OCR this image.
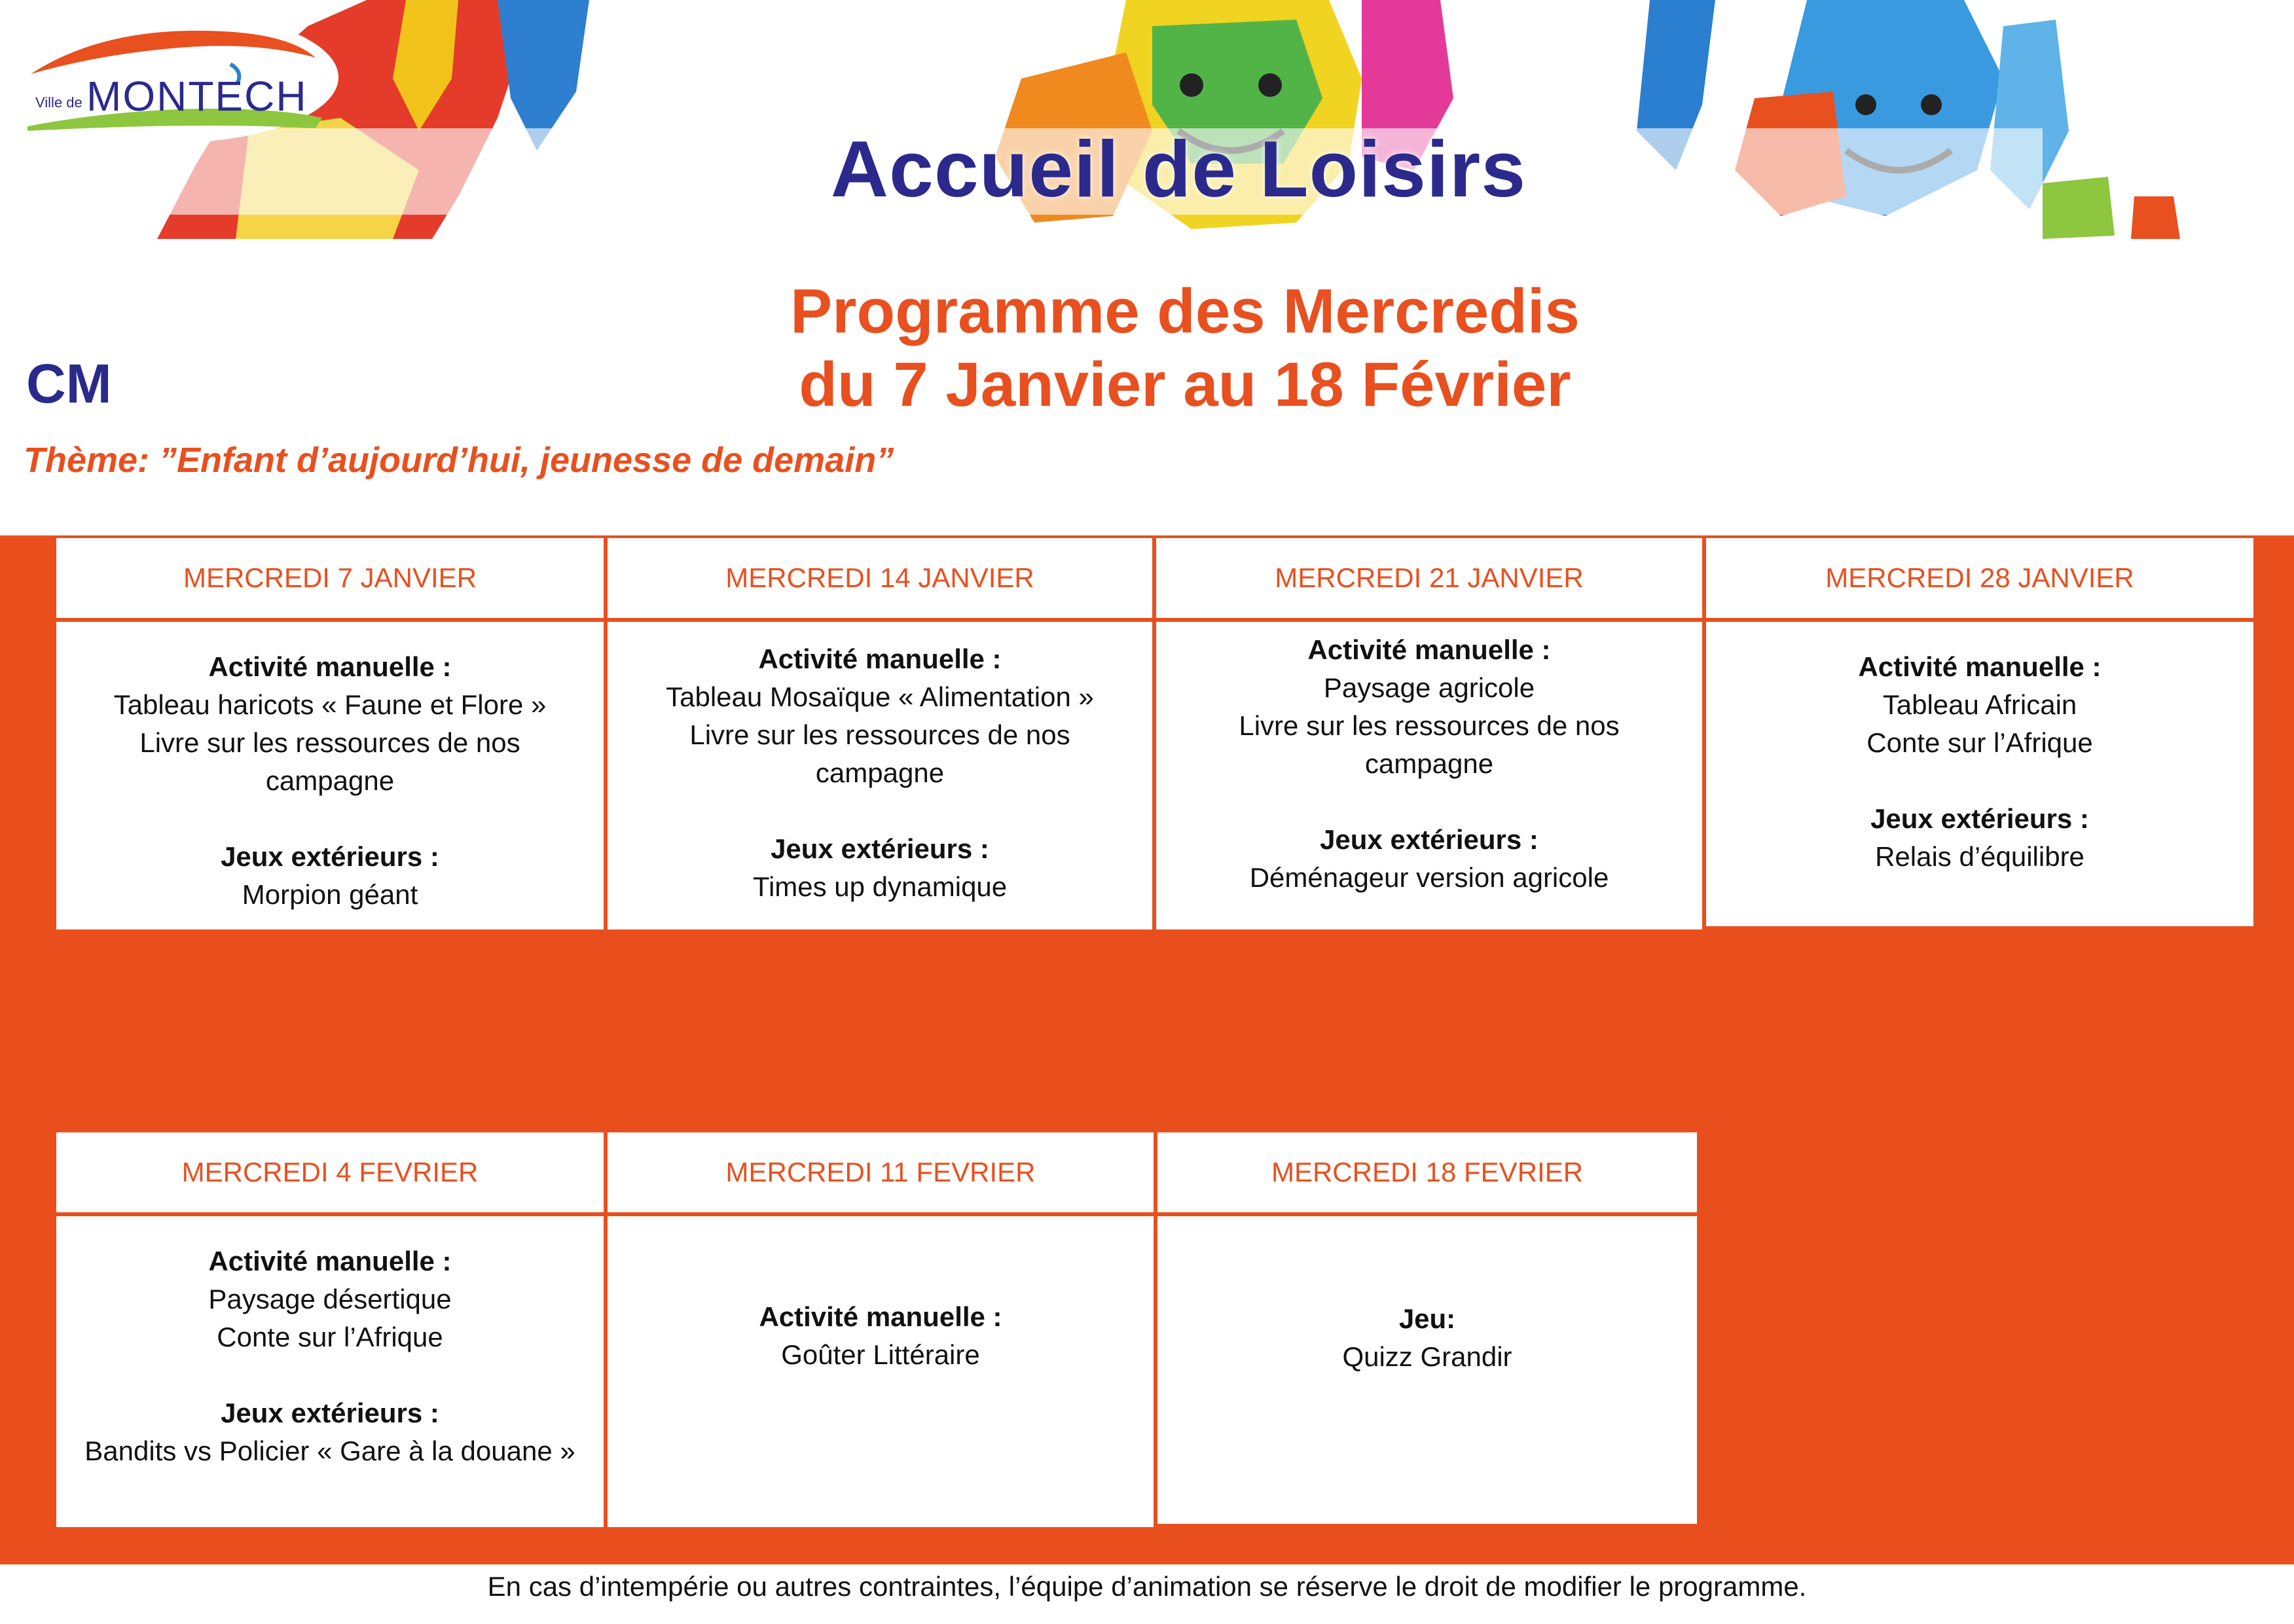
Accueil de Loisirs
Ville de MONTECH
CM
Programme des Mercredis
du 7 Janvier au 18 Février
Thème: ”Enfant d’aujourd’hui, jeunesse de demain”
MERCREDI 7 JANVIER
Activité manuelle :
Tableau haricots « Faune et Flore »
Livre sur les ressources de nos
campagne
Jeux extérieurs :
Morpion géant
MERCREDI 14 JANVIER
Activité manuelle :
Tableau Mosaïque « Alimentation »
Livre sur les ressources de nos
campagne
Jeux extérieurs :
Times up dynamique
MERCREDI 21 JANVIER
Activité manuelle :
Paysage agricole
Livre sur les ressources de nos
campagne
Jeux extérieurs :
Déménageur version agricole
MERCREDI 28 JANVIER
Activité manuelle :
Tableau Africain
Conte sur l’Afrique
Jeux extérieurs :
Relais d’équilibre
MERCREDI 4 FEVRIER
Activité manuelle :
Paysage désertique
Conte sur l’Afrique
Jeux extérieurs :
Bandits vs Policier « Gare à la douane »
MERCREDI 11 FEVRIER
Activité manuelle :
Goûter Littéraire
MERCREDI 18 FEVRIER
Jeu:
Quizz Grandir
En cas d’intempérie ou autres contraintes, l’équipe d’animation se réserve le droit de modifier le programme.
